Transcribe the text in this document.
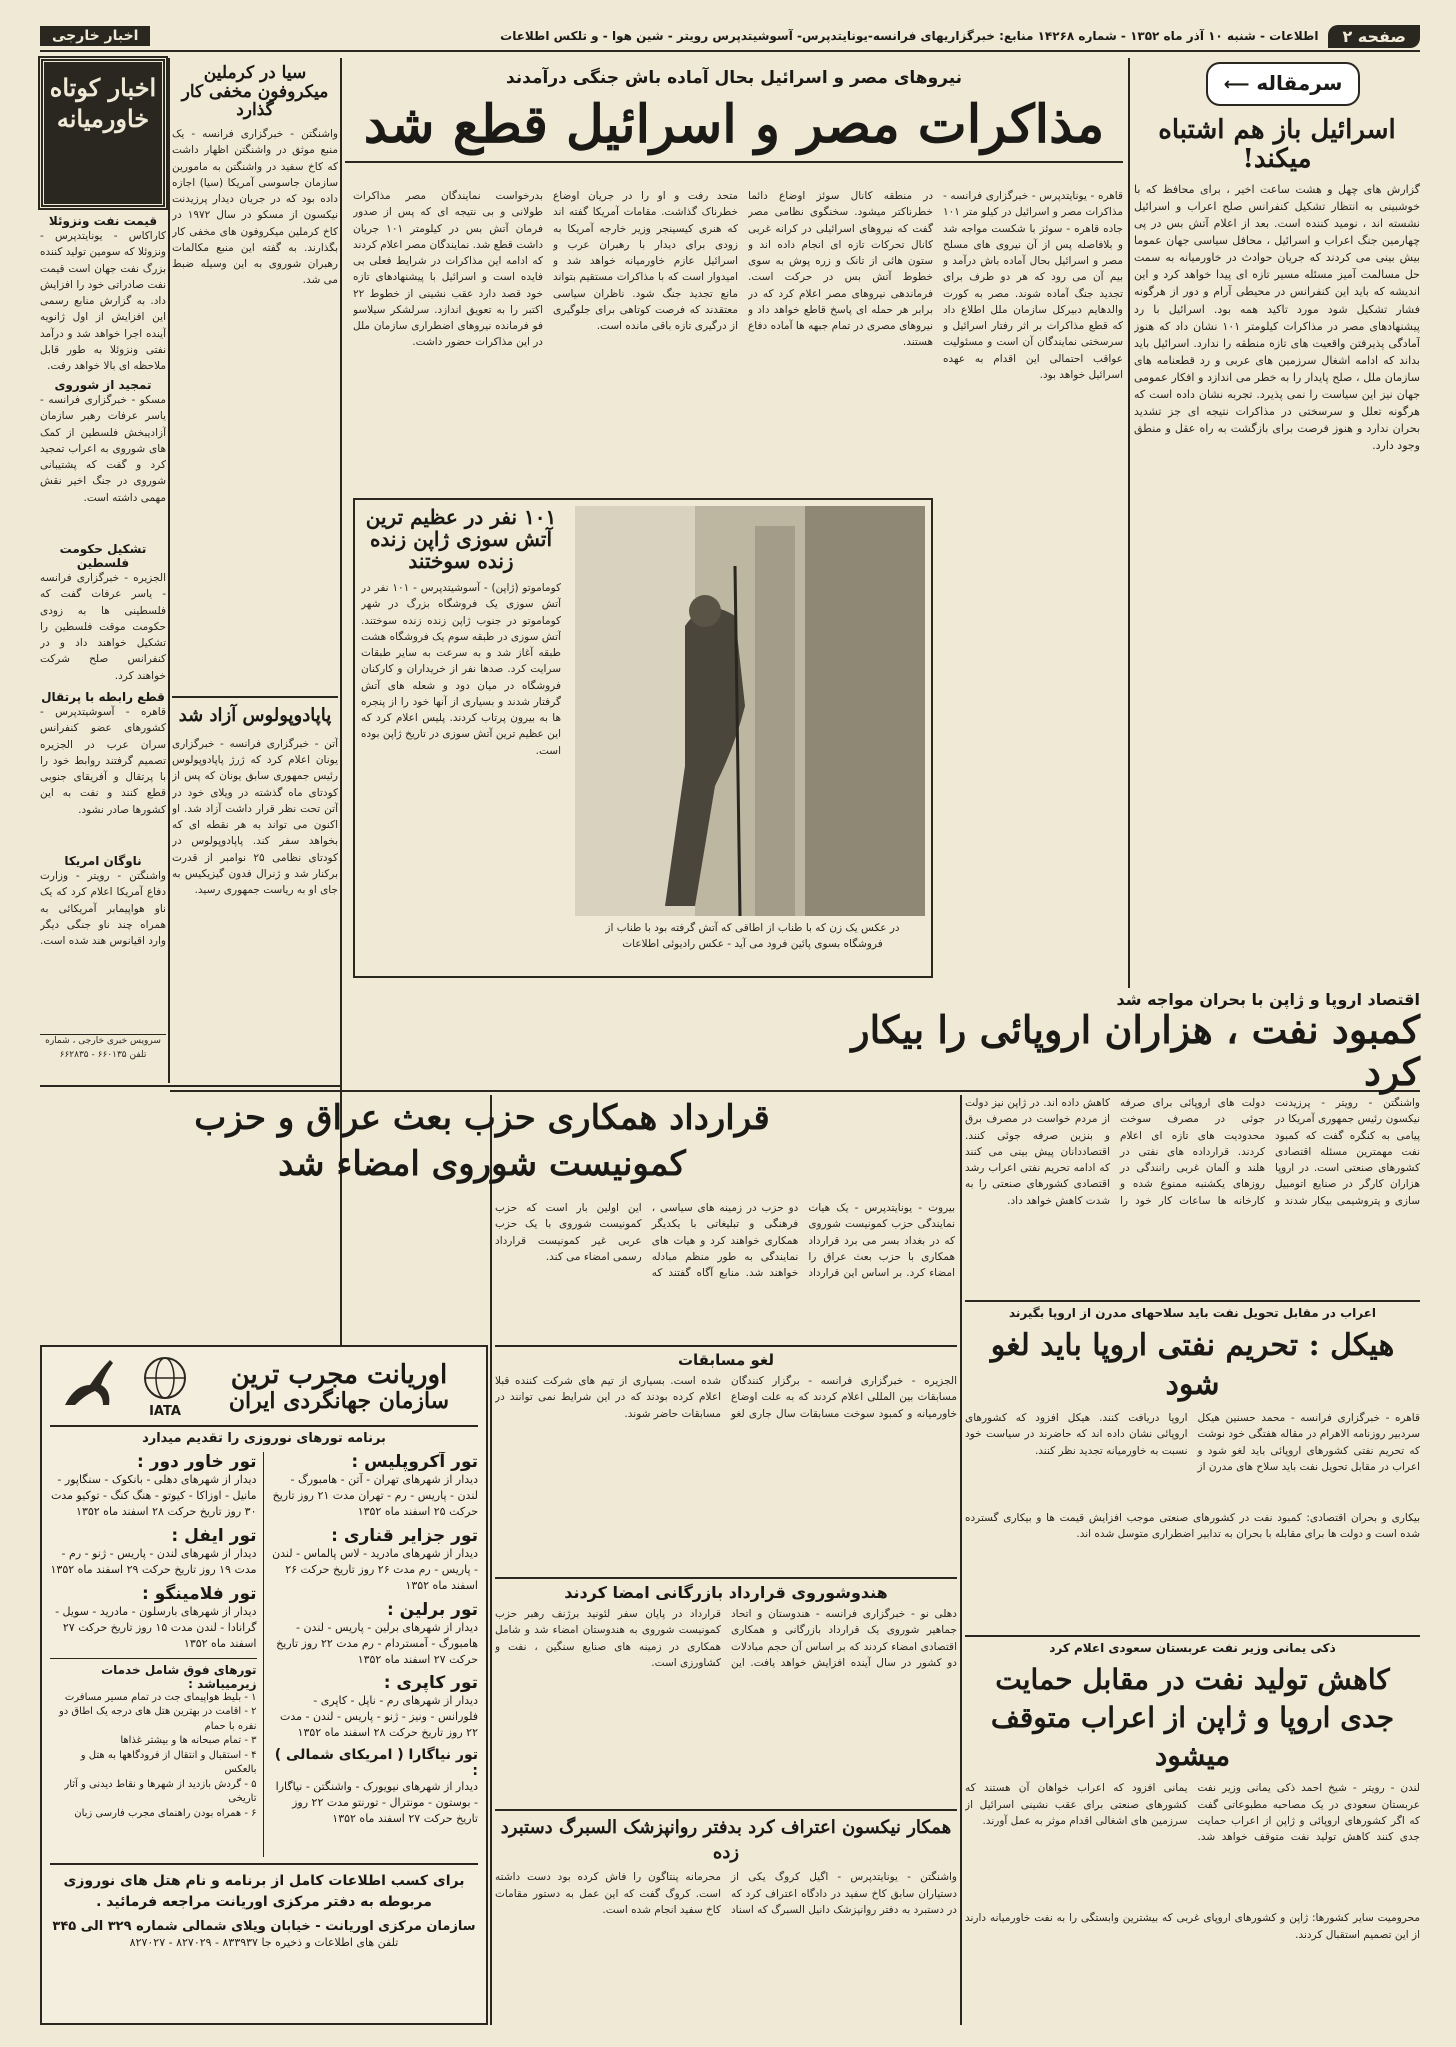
صفحه ۲
اطلاعات - شنبه ۱۰ آذر ماه ۱۳۵۲ - شماره ۱۴۲۶۸ منابع: خبرگزاریهای فرانسه-یونایتدپرس- آسوشیتدپرس رویتر - شین هوا - و تلکس اطلاعات
اخبار خارجی
سرمقاله ⟵
اسرائیل باز هم اشتباه میکند!
گزارش های چهل و هشت ساعت اخیر ، برای محافظ که با خوشبینی به انتظار تشکیل کنفرانس صلح اعراب و اسرائیل نشسته اند ، نومید کننده است. بعد از اعلام آتش بس در پی چهارمین جنگ اعراب و اسرائیل ، محافل سیاسی جهان عموما بیش بینی می کردند که جریان حوادث در خاورمیانه به سمت حل مسالمت آمیز مسئله مسیر تازه ای پیدا خواهد کرد و این اندیشه که باید این کنفرانس در محیطی آرام و دور از هرگونه فشار تشکیل شود مورد تاکید همه بود. اسرائیل با رد پیشنهادهای مصر در مذاکرات کیلومتر ۱۰۱ نشان داد که هنوز آمادگی پذیرفتن واقعیت های تازه منطقه را ندارد. اسرائیل باید بداند که ادامه اشغال سرزمین های عربی و رد قطعنامه های سازمان ملل ، صلح پایدار را به خطر می اندازد و افکار عمومی جهان نیز این سیاست را نمی پذیرد. تجربه نشان داده است که هرگونه تعلل و سرسختی در مذاکرات نتیجه ای جز تشدید بحران ندارد و هنوز فرصت برای بازگشت به راه عقل و منطق وجود دارد.
نیروهای مصر و اسرائیل بحال آماده باش جنگی درآمدند
مذاکرات مصر و اسرائیل قطع شد
قاهره - یونایتدپرس - خبرگزاری فرانسه - مذاکرات مصر و اسرائیل در کیلو متر ۱۰۱ جاده قاهره - سوئز با شکست مواجه شد و بلافاصله پس از آن نیروی های مسلح مصر و اسرائیل بحال آماده باش درآمد و بیم آن می رود که هر دو طرف برای تجدید جنگ آماده شوند. مصر به کورت والدهایم دبیرکل سازمان ملل اطلاع داد که قطع مذاکرات بر اثر رفتار اسرائیل و سرسختی نمایندگان آن است و مسئولیت عواقب احتمالی این اقدام به عهده اسرائیل خواهد بود.
در منطقه کانال سوئز اوضاع دائما خطرناکتر میشود. سخنگوی نظامی مصر گفت که نیروهای اسرائیلی در کرانه غربی کانال تحرکات تازه ای انجام داده اند و ستون هائی از تانک و زره پوش به سوی خطوط آتش بس در حرکت است. فرماندهی نیروهای مصر اعلام کرد که در برابر هر حمله ای پاسخ قاطع خواهد داد و نیروهای مصری در تمام جبهه ها آماده دفاع هستند.
متحد رفت و او را در جریان اوضاع خطرناک گذاشت. مقامات آمریکا گفته اند که هنری کیسینجر وزیر خارجه آمریکا به زودی برای دیدار با رهبران عرب و اسرائیل عازم خاورمیانه خواهد شد و امیدوار است که با مذاکرات مستقیم بتواند مانع تجدید جنگ شود. ناظران سیاسی معتقدند که فرصت کوتاهی برای جلوگیری از درگیری تازه باقی مانده است.
بدرخواست نمایندگان مصر مذاکرات طولانی و بی نتیجه ای که پس از صدور فرمان آتش بس در کیلومتر ۱۰۱ جریان داشت قطع شد. نمایندگان مصر اعلام کردند که ادامه این مذاکرات در شرایط فعلی بی فایده است و اسرائیل با پیشنهادهای تازه خود قصد دارد عقب نشینی از خطوط ۲۲ اکتبر را به تعویق اندازد. سرلشکر سیلاسو فو فرمانده نیروهای اضطراری سازمان ملل در این مذاکرات حضور داشت.
۱۰۱ نفر در عظیم ترین آتش سوزی ژاپن زنده زنده سوختند
کوماموتو (ژاپن) - آسوشیتدپرس - ۱۰۱ نفر در آتش سوزی یک فروشگاه بزرگ در شهر کوماموتو در جنوب ژاپن زنده زنده سوختند. آتش سوزی در طبقه سوم یک فروشگاه هشت طبقه آغاز شد و به سرعت به سایر طبقات سرایت کرد. صدها نفر از خریداران و کارکنان فروشگاه در میان دود و شعله های آتش گرفتار شدند و بسیاری از آنها خود را از پنجره ها به بیرون پرتاب کردند. پلیس اعلام کرد که این عظیم ترین آتش سوزی در تاریخ ژاپن بوده است.
در عکس یک زن که با طناب از اطاقی که آتش گرفته بود با طناب از فروشگاه بسوی پائین فرود می آید - عکس رادیوئی اطلاعات
سیا در کرملین میکروفون مخفی کار گذارد
واشنگتن - خبرگزاری فرانسه - یک منبع موثق در واشنگتن اظهار داشت که کاخ سفید در واشنگتن به مامورین سازمان جاسوسی آمریکا (سیا) اجازه داده بود که در جریان دیدار پرزیدنت نیکسون از مسکو در سال ۱۹۷۲ در کاخ کرملین میکروفون های مخفی کار بگذارند. به گفته این منبع مکالمات رهبران شوروی به این وسیله ضبط می شد.
پاپادوپولوس آزاد شد
آتن - خبرگزاری فرانسه - خبرگزاری یونان اعلام کرد که ژرژ پاپادوپولوس رئیس جمهوری سابق یونان که پس از کودتای ماه گذشته در ویلای خود در آتن تحت نظر قرار داشت آزاد شد. او اکنون می تواند به هر نقطه ای که بخواهد سفر کند. پاپادوپولوس در کودتای نظامی ۲۵ نوامبر از قدرت برکنار شد و ژنرال فدون گیزیکیس به جای او به ریاست جمهوری رسید.
اخبار کوتاه خاورمیانه
قیمت نفت ونزوئلا
کاراکاس - یونایتدپرس - ونزوئلا که سومین تولید کننده بزرگ نفت جهان است قیمت نفت صادراتی خود را افزایش داد. به گزارش منابع رسمی این افزایش از اول ژانویه آینده اجرا خواهد شد و درآمد نفتی ونزوئلا به طور قابل ملاحظه ای بالا خواهد رفت.
تمجید از شوروی
مسکو - خبرگزاری فرانسه - یاسر عرفات رهبر سازمان آزادیبخش فلسطین از کمک های شوروی به اعراب تمجید کرد و گفت که پشتیبانی شوروی در جنگ اخیر نقش مهمی داشته است.
تشکیل حکومت فلسطین
الجزیره - خبرگزاری فرانسه - یاسر عرفات گفت که فلسطینی ها به زودی حکومت موقت فلسطین را تشکیل خواهند داد و در کنفرانس صلح شرکت خواهند کرد.
قطع رابطه با پرتقال
قاهره - آسوشیتدپرس - کشورهای عضو کنفرانس سران عرب در الجزیره تصمیم گرفتند روابط خود را با پرتقال و آفریقای جنوبی قطع کنند و نفت به این کشورها صادر نشود.
ناوگان امریکا
واشنگتن - رویتر - وزارت دفاع آمریکا اعلام کرد که یک ناو هواپیمابر آمریکائی به همراه چند ناو جنگی دیگر وارد اقیانوس هند شده است.
سرویس خبری خارجی ، شماره تلفن ۶۶۰۱۳۵ - ۶۶۲۸۳۵
اقتصاد اروپا و ژاپن با بحران مواجه شد
کمبود نفت ، هزاران اروپائی را بیکار کرد
واشنگتن - رویتر - پرزیدنت نیکسون رئیس جمهوری آمریکا در پیامی به کنگره گفت که کمبود نفت مهمترین مسئله اقتصادی کشورهای صنعتی است. در اروپا هزاران کارگر در صنایع اتومبیل سازی و پتروشیمی بیکار شدند و دولت های اروپائی برای صرفه جوئی در مصرف سوخت محدودیت های تازه ای اعلام کردند. قرارداده های نفتی در هلند و آلمان غربی رانندگی در روزهای یکشنبه ممنوع شده و کارخانه ها ساعات کار خود را کاهش داده اند. در ژاپن نیز دولت از مردم خواست در مصرف برق و بنزین صرفه جوئی کنند. اقتصاددانان پیش بینی می کنند که ادامه تحریم نفتی اعراب رشد اقتصادی کشورهای صنعتی را به شدت کاهش خواهد داد.
قرارداد همکاری حزب بعث عراق و حزب کمونیست شوروی امضاء شد
بیروت - یونایتدپرس - یک هیات نمایندگی حزب کمونیست شوروی که در بغداد بسر می برد قرارداد همکاری با حزب بعث عراق را امضاء کرد. بر اساس این قرارداد دو حزب در زمینه های سیاسی ، فرهنگی و تبلیغاتی با یکدیگر همکاری خواهند کرد و هیات های نمایندگی به طور منظم مبادله خواهند شد. منابع آگاه گفتند که این اولین بار است که حزب کمونیست شوروی با یک حزب عربی غیر کمونیست قرارداد رسمی امضاء می کند.
اعراب در مقابل تحویل نفت باید سلاحهای مدرن از اروپا بگیرند
هیکل : تحریم نفتی اروپا باید لغو شود
قاهره - خبرگزاری فرانسه - محمد حسنین هیکل سردبیر روزنامه الاهرام در مقاله هفتگی خود نوشت که تحریم نفتی کشورهای اروپائی باید لغو شود و اعراب در مقابل تحویل نفت باید سلاح های مدرن از اروپا دریافت کنند. هیکل افزود که کشورهای اروپائی نشان داده اند که حاضرند در سیاست خود نسبت به خاورمیانه تجدید نظر کنند.
بیکاری و بحران اقتصادی: کمبود نفت در کشورهای صنعتی موجب افزایش قیمت ها و بیکاری گسترده شده است و دولت ها برای مقابله با بحران به تدابیر اضطراری متوسل شده اند.
ذکی یمانی وزیر نفت عربستان سعودی اعلام کرد
کاهش تولید نفت در مقابل حمایت جدی اروپا و ژاپن از اعراب متوقف میشود
لندن - رویتر - شیخ احمد ذکی یمانی وزیر نفت عربستان سعودی در یک مصاحبه مطبوعاتی گفت که اگر کشورهای اروپائی و ژاپن از اعراب حمایت جدی کنند کاهش تولید نفت متوقف خواهد شد. یمانی افزود که اعراب خواهان آن هستند که کشورهای صنعتی برای عقب نشینی اسرائیل از سرزمین های اشغالی اقدام موثر به عمل آورند.
محرومیت سایر کشورها: ژاپن و کشورهای اروپای غربی که بیشترین وابستگی را به نفت خاورمیانه دارند از این تصمیم استقبال کردند.
لغو مسابقات
الجزیره - خبرگزاری فرانسه - برگزار کنندگان مسابقات بین المللی اعلام کردند که به علت اوضاع خاورمیانه و کمبود سوخت مسابقات سال جاری لغو شده است. بسیاری از تیم های شرکت کننده قبلا اعلام کرده بودند که در این شرایط نمی توانند در مسابقات حاضر شوند.
هندوشوروی قرارداد بازرگانی امضا کردند
دهلی نو - خبرگزاری فرانسه - هندوستان و اتحاد جماهیر شوروی یک قرارداد بازرگانی و همکاری اقتصادی امضاء کردند که بر اساس آن حجم مبادلات دو کشور در سال آینده افزایش خواهد یافت. این قرارداد در پایان سفر لئونید برژنف رهبر حزب کمونیست شوروی به هندوستان امضاء شد و شامل همکاری در زمینه های صنایع سنگین ، نفت و کشاورزی است.
همکار نیکسون اعتراف کرد بدفتر روانپزشک السبرگ دستبرد زده
واشنگتن - یونایتدپرس - اگیل کروگ یکی از دستیاران سابق کاخ سفید در دادگاه اعتراف کرد که در دستبرد به دفتر روانپزشک دانیل السبرگ که اسناد محرمانه پنتاگون را فاش کرده بود دست داشته است. کروگ گفت که این عمل به دستور مقامات کاخ سفید انجام شده است.
اوریانت مجرب ترین
سازمان جهانگردی ایران
IATA
برنامه تورهای نوروزی را تقدیم میدارد
تور آکروپلیس :
دیدار از شهرهای تهران - آتن - هامبورگ - لندن - پاریس - رم - تهران مدت ۲۱ روز تاریخ حرکت ۲۵ اسفند ماه ۱۳۵۲
تور جزایر قناری :
دیدار از شهرهای مادرید - لاس پالماس - لندن - پاریس - رم مدت ۲۶ روز تاریخ حرکت ۲۶ اسفند ماه ۱۳۵۲
تور برلین :
دیدار از شهرهای برلین - پاریس - لندن - هامبورگ - آمستردام - رم مدت ۲۲ روز تاریخ حرکت ۲۷ اسفند ماه ۱۳۵۲
تور کاپری :
دیدار از شهرهای رم - ناپل - کاپری - فلورانس - ونیز - ژنو - پاریس - لندن - مدت ۲۲ روز تاریخ حرکت ۲۸ اسفند ماه ۱۳۵۲
تور نیاگارا ( امریکای شمالی ) :
دیدار از شهرهای نیویورک - واشنگتن - نیاگارا - بوستون - مونترال - تورنتو مدت ۲۲ روز تاریخ حرکت ۲۷ اسفند ماه ۱۳۵۲
تور خاور دور :
دیدار از شهرهای دهلی - بانکوک - سنگاپور - مانیل - اوزاکا - کیوتو - هنگ کنگ - توکیو مدت ۳۰ روز تاریخ حرکت ۲۸ اسفند ماه ۱۳۵۲
تور ایفل :
دیدار از شهرهای لندن - پاریس - ژنو - رم - مدت ۱۹ روز تاریخ حرکت ۲۹ اسفند ماه ۱۳۵۲
تور فلامینگو :
دیدار از شهرهای بارسلون - مادرید - سویل - گرانادا - لندن مدت ۱۵ روز تاریخ حرکت ۲۷ اسفند ماه ۱۳۵۲
تورهای فوق شامل خدمات زیرمیباشد :
۱ - بلیط هواپیمای جت در تمام مسیر مسافرت
۲ - اقامت در بهترین هتل های درجه یک اطاق دو نفره با حمام
۳ - تمام صبحانه ها و بیشتر غذاها
۴ - استقبال و انتقال از فرودگاهها به هتل و بالعکس
۵ - گردش بازدید از شهرها و نقاط دیدنی و آثار تاریخی
۶ - همراه بودن راهنمای مجرب فارسی زبان
برای کسب اطلاعات کامل از برنامه و نام هتل های نوروزی مربوطه به دفتر مرکزی اوریانت مراجعه فرمائید .
سازمان مرکزی اوریانت - خیابان ویلای شمالی شماره ۳۲۹ الی ۳۴۵
تلفن های اطلاعات و ذخیره جا ۸۳۳۹۳۷ - ۸۲۷۰۲۹ - ۸۲۷۰۲۷
